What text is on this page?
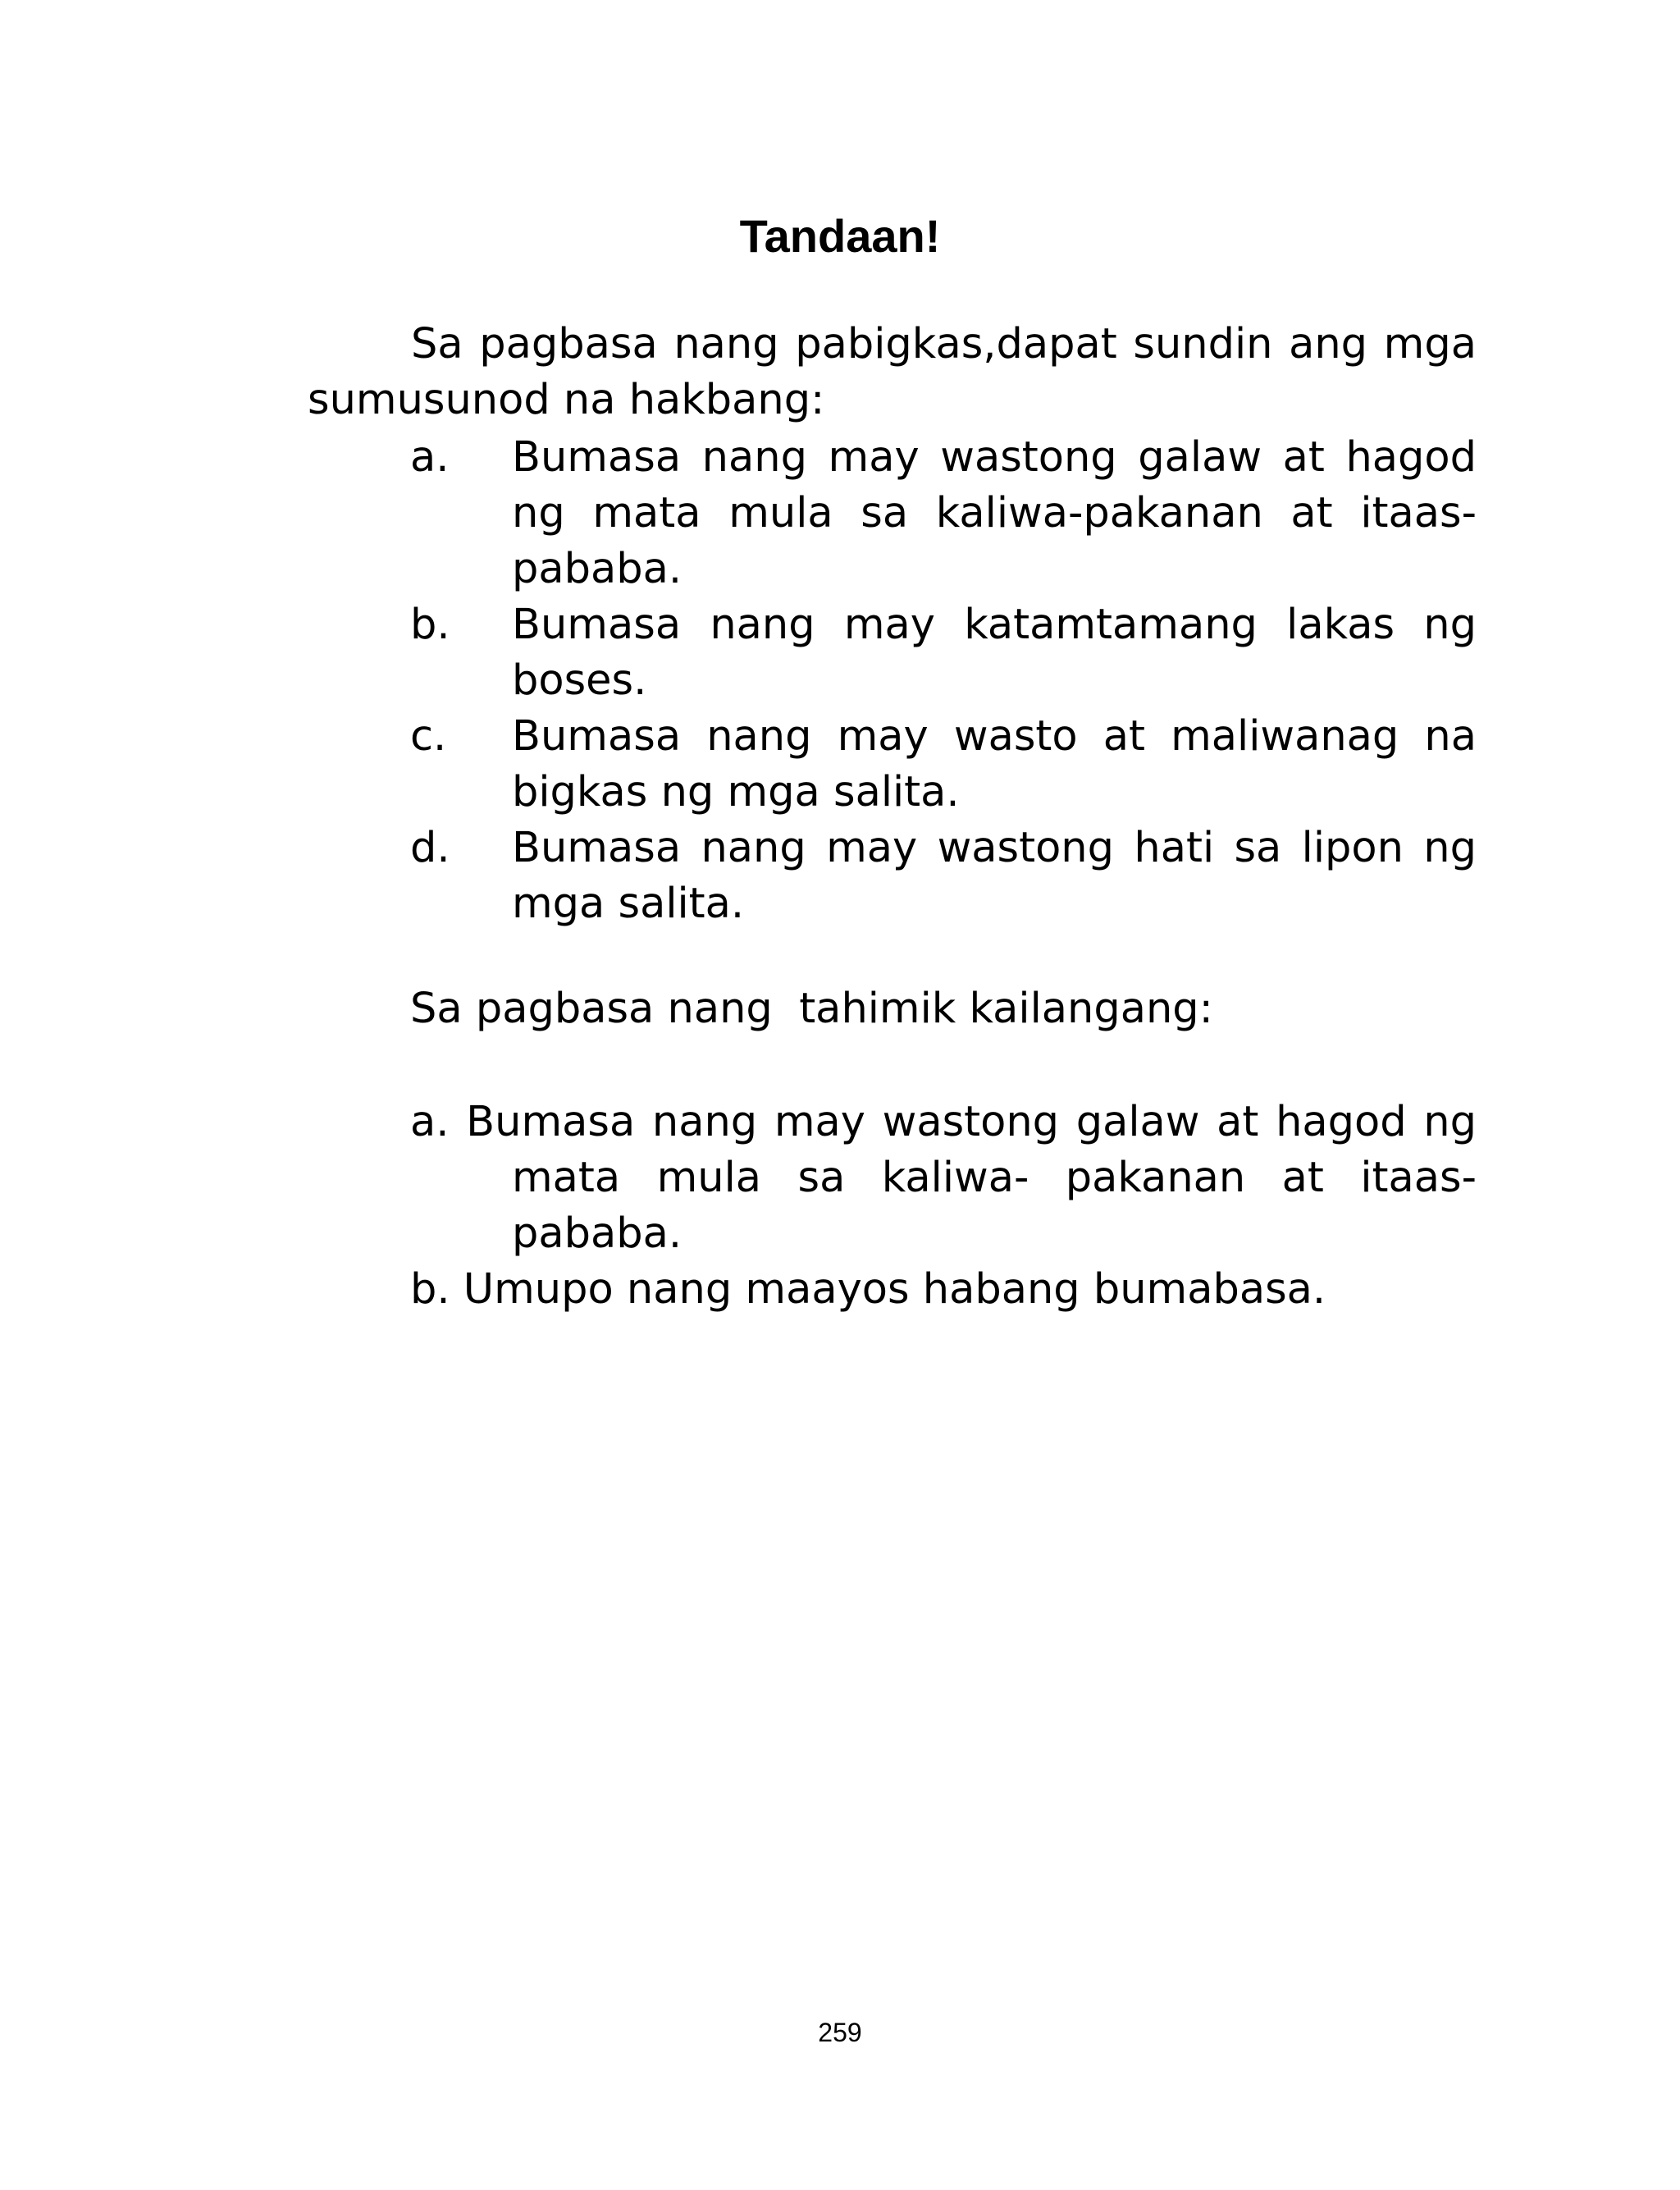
Tandaan!

Sa pagbasa nang pabigkas,dapat sundin ang mga sumusunod na hakbang:

a. Bumasa nang may wastong galaw at hagod ng mata mula sa kaliwa-pakanan at itaas-pababa.
b. Bumasa nang may katamtamang lakas ng boses.
c. Bumasa nang may wasto at maliwanag na bigkas ng mga salita.
d. Bumasa nang may wastong hati sa lipon ng mga salita.

Sa pagbasa nang  tahimik kailangang:

a. Bumasa nang may wastong galaw at hagod ng mata mula sa kaliwa- pakanan at itaas-pababa.
b. Umupo nang maayos habang bumabasa.

259
